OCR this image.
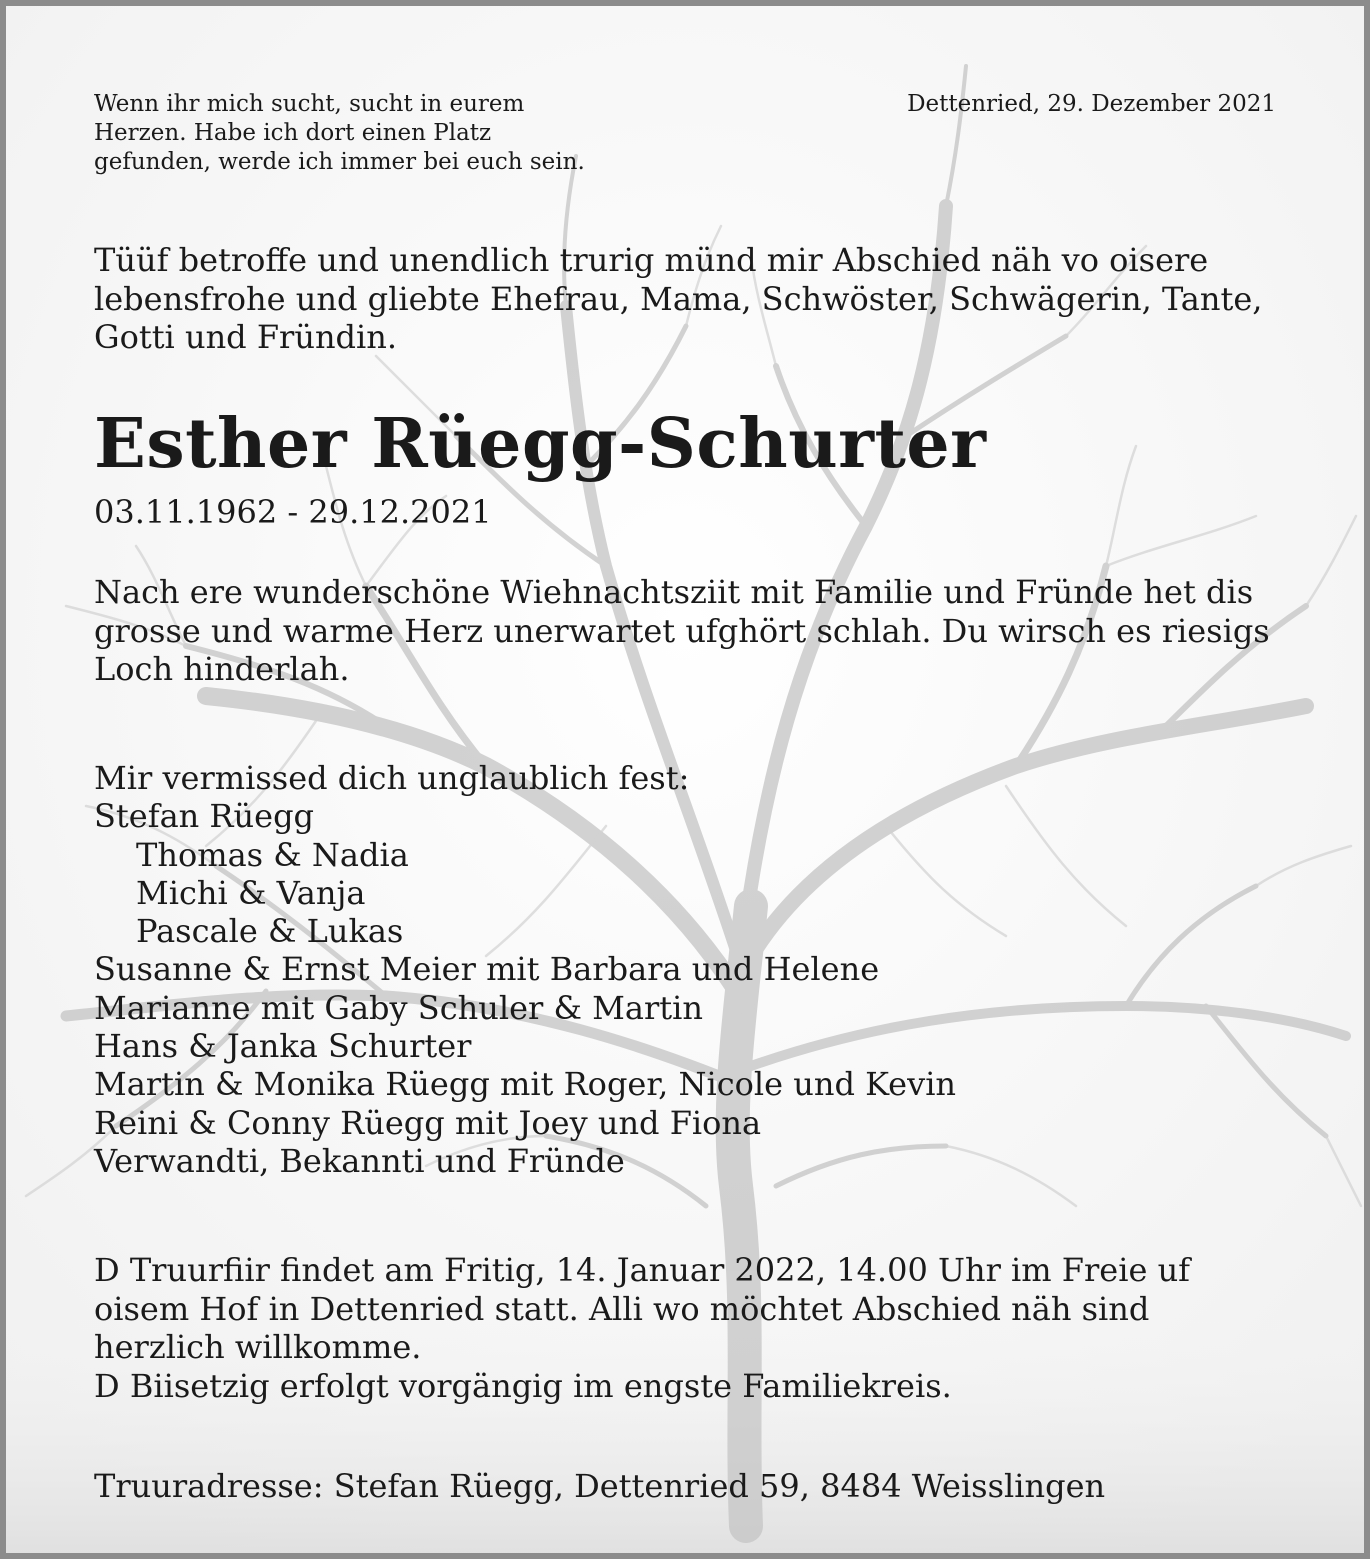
Wenn ihr mich sucht, sucht in eurem
Herzen. Habe ich dort einen Platz
gefunden, werde ich immer bei euch sein.
Dettenried, 29. Dezember 2021
Tüüf betroffe und unendlich trurig münd mir Abschied näh vo oisere
lebensfrohe und gliebte Ehefrau, Mama, Schwöster, Schwägerin, Tante,
Gotti und Fründin.
Esther Rüegg-Schurter
03.11.1962 - 29.12.2021
Nach ere wunderschöne Wiehnachtsziit mit Familie und Fründe het dis
grosse und warme Herz unerwartet ufghört schlah. Du wirsch es riesigs
Loch hinderlah.
Mir vermissed dich unglaublich fest:
Stefan Rüegg
Thomas & Nadia
Michi & Vanja
Pascale & Lukas
Susanne & Ernst Meier mit Barbara und Helene
Marianne mit Gaby Schuler & Martin
Hans & Janka Schurter
Martin & Monika Rüegg mit Roger, Nicole und Kevin
Reini & Conny Rüegg mit Joey und Fiona
Verwandti, Bekannti und Fründe
D Truurfiir findet am Fritig, 14. Januar 2022, 14.00 Uhr im Freie uf
oisem Hof in Dettenried statt. Alli wo möchtet Abschied näh sind
herzlich willkomme.
D Biisetzig erfolgt vorgängig im engste Familiekreis.
Truuradresse: Stefan Rüegg, Dettenried 59, 8484 Weisslingen
